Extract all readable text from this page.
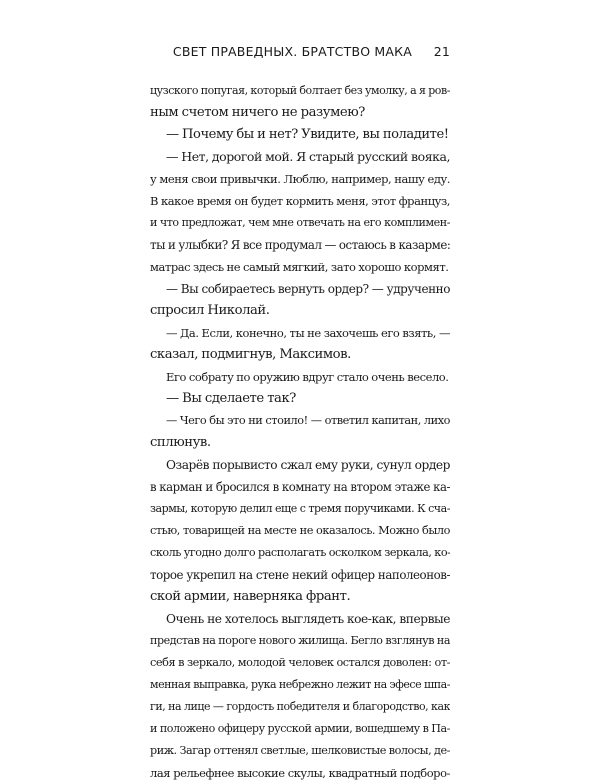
СВЕТ ПРАВЕДНЫХ. БРАТСТВО МАКА 21

цузского попугая, который болтает без умолку, а я ров-
ным счетом ничего не разумею?
— Почему бы и нет? Увидите, вы поладите!
— Нет, дорогой мой. Я старый русский вояка,
у меня свои привычки. Люблю, например, нашу еду.
В какое время он будет кормить меня, этот француз,
и что предложат, чем мне отвечать на его комплимен-
ты и улыбки? Я все продумал — остаюсь в казарме:
матрас здесь не самый мягкий, зато хорошо кормят.
— Вы собираетесь вернуть ордер? — удрученно
спросил Николай.
— Да. Если, конечно, ты не захочешь его взять, —
сказал, подмигнув, Максимов.
Его собрату по оружию вдруг стало очень весело.
— Вы сделаете так?
— Чего бы это ни стоило! — ответил капитан, лихо
сплюнув.
Озарёв порывисто сжал ему руки, сунул ордер
в карман и бросился в комнату на втором этаже ка-
зармы, которую делил еще с тремя поручиками. К сча-
стью, товарищей на месте не оказалось. Можно было
сколь угодно долго располагать осколком зеркала, ко-
торое укрепил на стене некий офицер наполеонов-
ской армии, наверняка франт.
Очень не хотелось выглядеть кое-как, впервые
представ на пороге нового жилища. Бегло взглянув на
себя в зеркало, молодой человек остался доволен: от-
менная выправка, рука небрежно лежит на эфесе шпа-
ги, на лице — гордость победителя и благородство, как
и положено офицеру русской армии, вошедшему в Па-
риж. Загар оттенял светлые, шелковистые волосы, де-
лая рельефнее высокие скулы, квадратный подборо-
